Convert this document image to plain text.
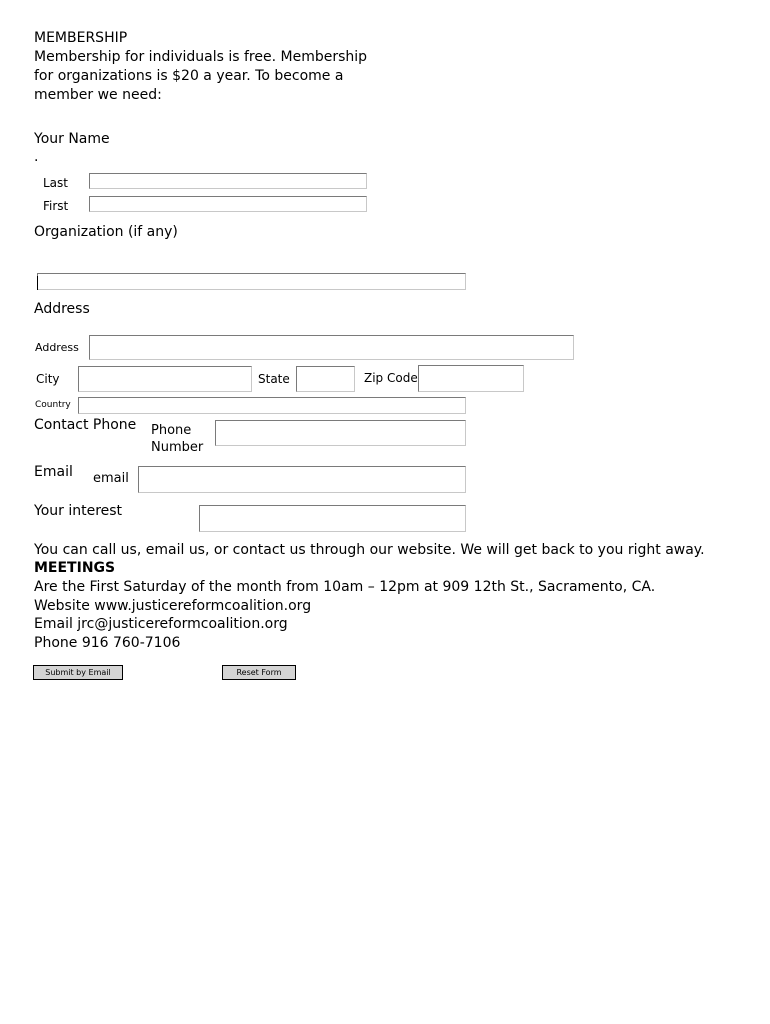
MEMBERSHIP
Membership for individuals is free. Membership
for organizations is $20 a year. To become a
member we need:
Your Name
.
Last
First
Organization (if any)
Address
Address
City	State	Zip Code
Country
Contact Phone Phone
Number
Email email
Your interest
You can call us, email us, or contact us through our website. We will get back to you right away.
MEETINGS
Are the First Saturday of the month from 10am – 12pm at 909 12th St., Sacramento, CA.
Website www.justicereformcoalition.org
Email jrc@justicereformcoalition.org
Phone 916 760-7106
Submit by Email	Reset Form
